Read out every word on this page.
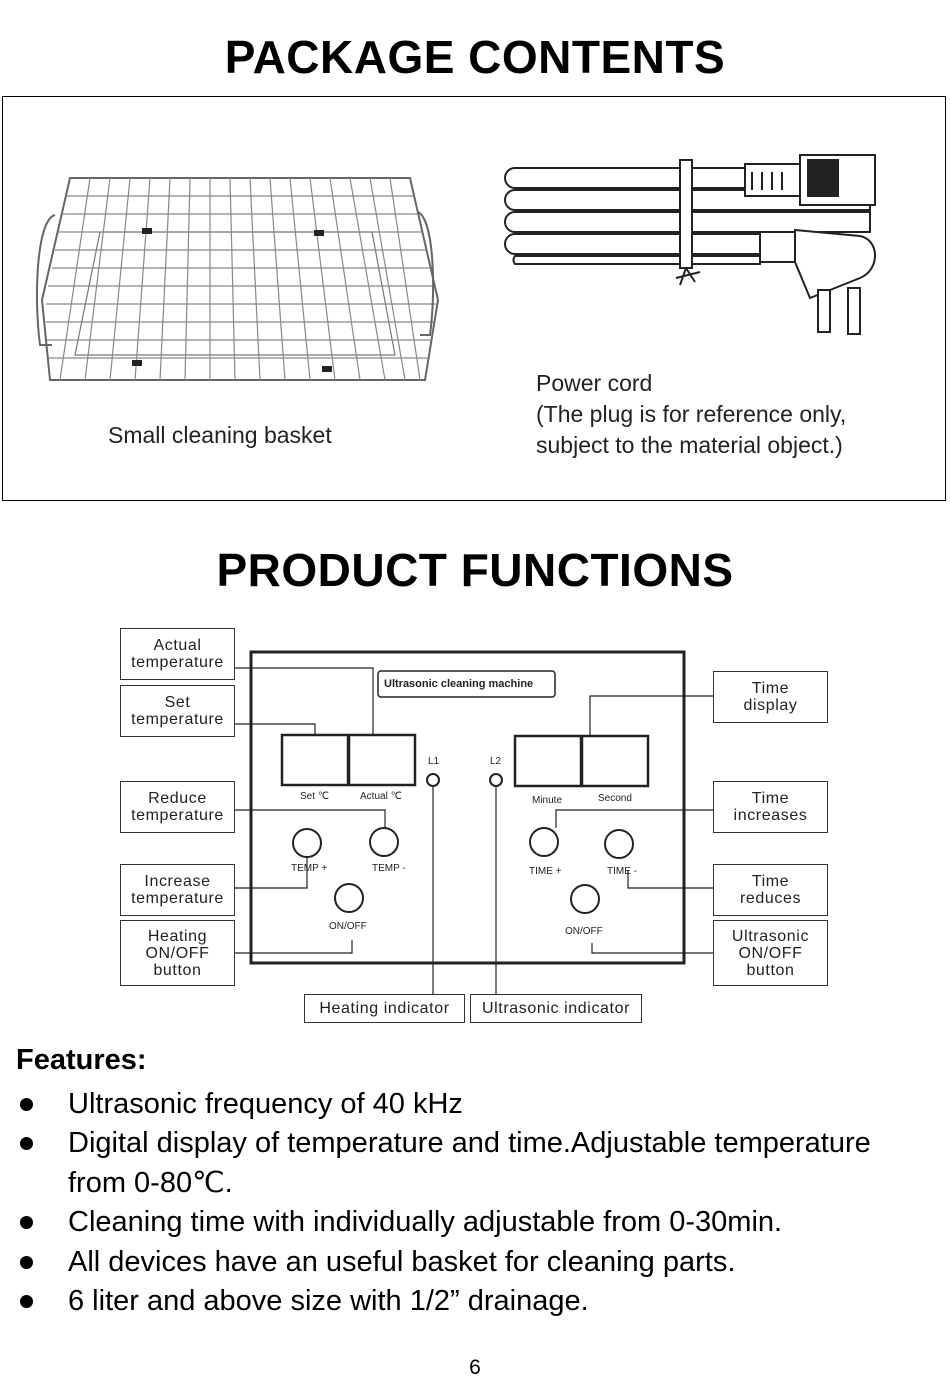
PACKAGE CONTENTS
Small cleaning basket
Power cord
(The plug is for reference only,
subject to the material object.)
PRODUCT FUNCTIONS
Ultrasonic cleaning machine
Set ℃	Actual ℃
L1	L2
Minute	Second
TEMP +	TEMP -
ON/OFF
TIME +	TIME -
ON/OFF
Actual
temperature
Set
temperature
Reduce
temperature
Increase
temperature
Heating
ON/OFF
button
Time
display
Time
increases
Time
reduces
Ultrasonic
ON/OFF
button
Heating indicator Ultrasonic indicator
Features:
Ultrasonic frequency of 40 kHz
Digital display of temperature and time.Adjustable temperature
from 0-80℃.
Cleaning time with individually adjustable from 0-30min.
All devices have an useful basket for cleaning parts.
6 liter and above size with 1/2” drainage.
6
